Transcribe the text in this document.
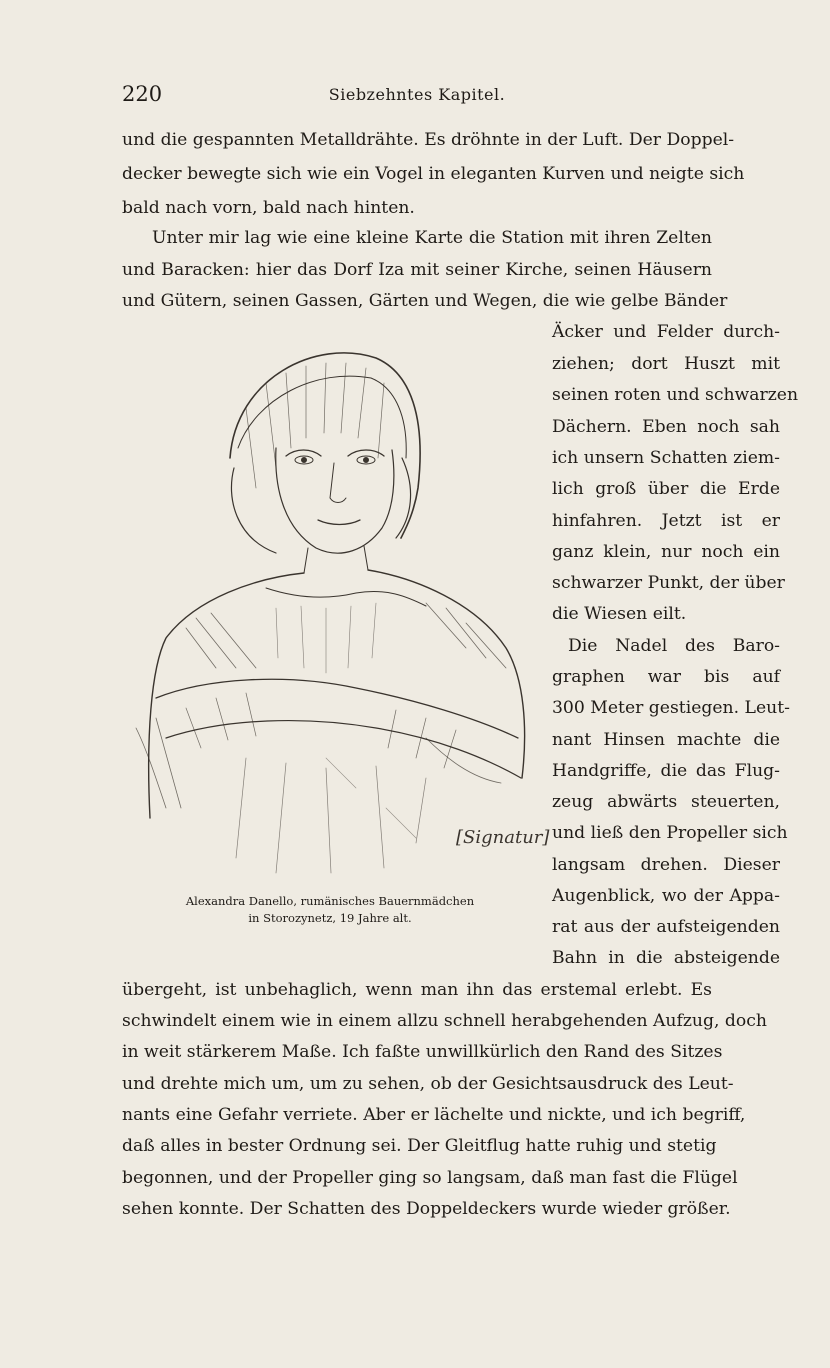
220	Siebzehntes Kapitel.
und die gespannten Metalldrähte. Es dröhnte in der Luft. Der Doppel-
decker bewegte sich wie ein Vogel in eleganten Kurven und neigte sich
bald nach vorn, bald nach hinten.
Unter mir lag wie eine kleine Karte die Station mit ihren Zelten
und Baracken: hier das Dorf Iza mit seiner Kirche, seinen Häusern
und Gütern, seinen Gassen, Gärten und Wegen, die wie gelbe Bänder
Äcker und Felder durch-
ziehen; dort Huszt mit
seinen roten und schwarzen
Dächern. Eben noch sah
ich unsern Schatten ziem-
lich groß über die Erde
hinfahren. Jetzt ist er
ganz klein, nur noch ein
schwarzer Punkt, der über
die Wiesen eilt.
Die Nadel des Baro-
graphen war bis auf
300 Meter gestiegen. Leut-
nant Hinsen machte die
Handgriffe, die das Flug-
zeug abwärts steuerten,
und ließ den Propeller sich
langsam drehen. Dieser
Augenblick, wo der Appa-
rat aus der aufsteigenden
Bahn in die absteigende
[Signatur]
Alexandra Danello, rumänisches Bauernmädchen
in Storozynetz, 19 Jahre alt.
übergeht, ist unbehaglich, wenn man ihn das erstemal erlebt. Es
schwindelt einem wie in einem allzu schnell herabgehenden Aufzug, doch
in weit stärkerem Maße. Ich faßte unwillkürlich den Rand des Sitzes
und drehte mich um, um zu sehen, ob der Gesichtsausdruck des Leut-
nants eine Gefahr verriete. Aber er lächelte und nickte, und ich begriff,
daß alles in bester Ordnung sei. Der Gleitflug hatte ruhig und stetig
begonnen, und der Propeller ging so langsam, daß man fast die Flügel
sehen konnte. Der Schatten des Doppeldeckers wurde wieder größer.
